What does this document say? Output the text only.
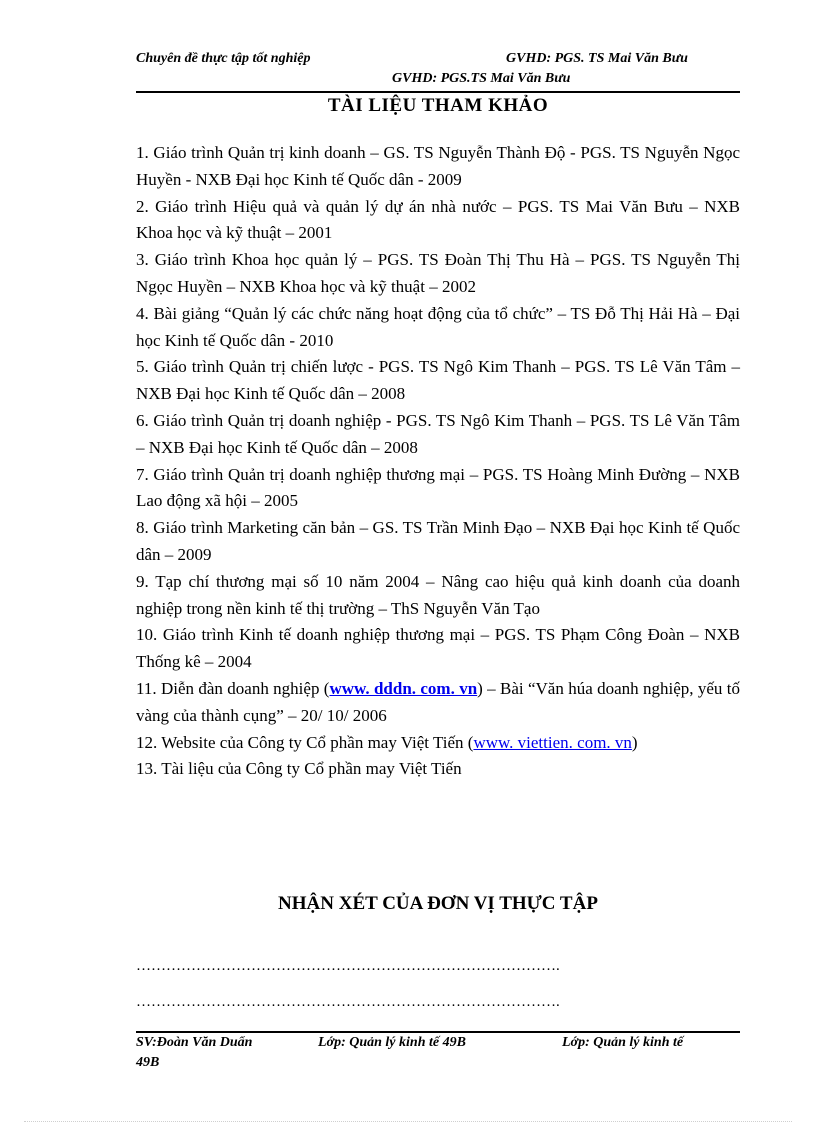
Chuyên đề thực tập tốt nghiệp	GVHD: PGS. TS Mai Văn Bưu
GVHD: PGS.TS Mai Văn Bưu
TÀI LIỆU THAM KHẢO
1. Giáo trình Quản trị kinh doanh – GS. TS Nguyễn Thành Độ - PGS. TS Nguyễn Ngọc Huyền - NXB Đại học Kinh tế Quốc dân - 2009
2. Giáo trình Hiệu quả và quản lý dự án nhà nước – PGS. TS Mai Văn Bưu – NXB Khoa học và kỹ thuật – 2001
3. Giáo trình Khoa học quản lý – PGS. TS Đoàn Thị Thu Hà – PGS. TS Nguyễn Thị Ngọc Huyền – NXB Khoa học và kỹ thuật – 2002
4. Bài giảng “Quản lý các chức năng hoạt động của tổ chức” – TS Đỗ Thị Hải Hà – Đại học Kinh tế Quốc dân - 2010
5. Giáo trình Quản trị chiến lược - PGS. TS Ngô Kim Thanh – PGS. TS Lê Văn Tâm – NXB Đại học Kinh tế Quốc dân – 2008
6. Giáo trình Quản trị doanh nghiệp - PGS. TS Ngô Kim Thanh – PGS. TS Lê Văn Tâm – NXB Đại học Kinh tế Quốc dân – 2008
7. Giáo trình Quản trị doanh nghiệp thương mại – PGS. TS Hoàng Minh Đường – NXB Lao động xã hội – 2005
8. Giáo trình Marketing căn bản – GS. TS Trần Minh Đạo – NXB Đại học Kinh tế Quốc dân – 2009
9. Tạp chí thương mại số 10 năm 2004 – Nâng cao hiệu quả kinh doanh của doanh nghiệp trong nền kinh tế thị trường – ThS Nguyễn Văn Tạo
10. Giáo trình Kinh tế doanh nghiệp thương mại – PGS. TS Phạm Công Đoàn – NXB Thống kê – 2004
11. Diễn đàn doanh nghiệp (www. dddn. com. vn) – Bài “Văn húa doanh nghiệp, yếu tố vàng của thành cụng” – 20/ 10/ 2006
12. Website của Công ty Cổ phần may Việt Tiến (www. viettien. com. vn)
13. Tài liệu của Công ty Cổ phần may Việt Tiến
NHẬN XÉT CỦA ĐƠN VỊ THỰC TẬP
………………………………………………………………………….
………………………………………………………………………….
SV:Đoàn Văn Duẩn	Lớp: Quản lý kinh tế 49B	Lớp: Quản lý kinh tế
49B
